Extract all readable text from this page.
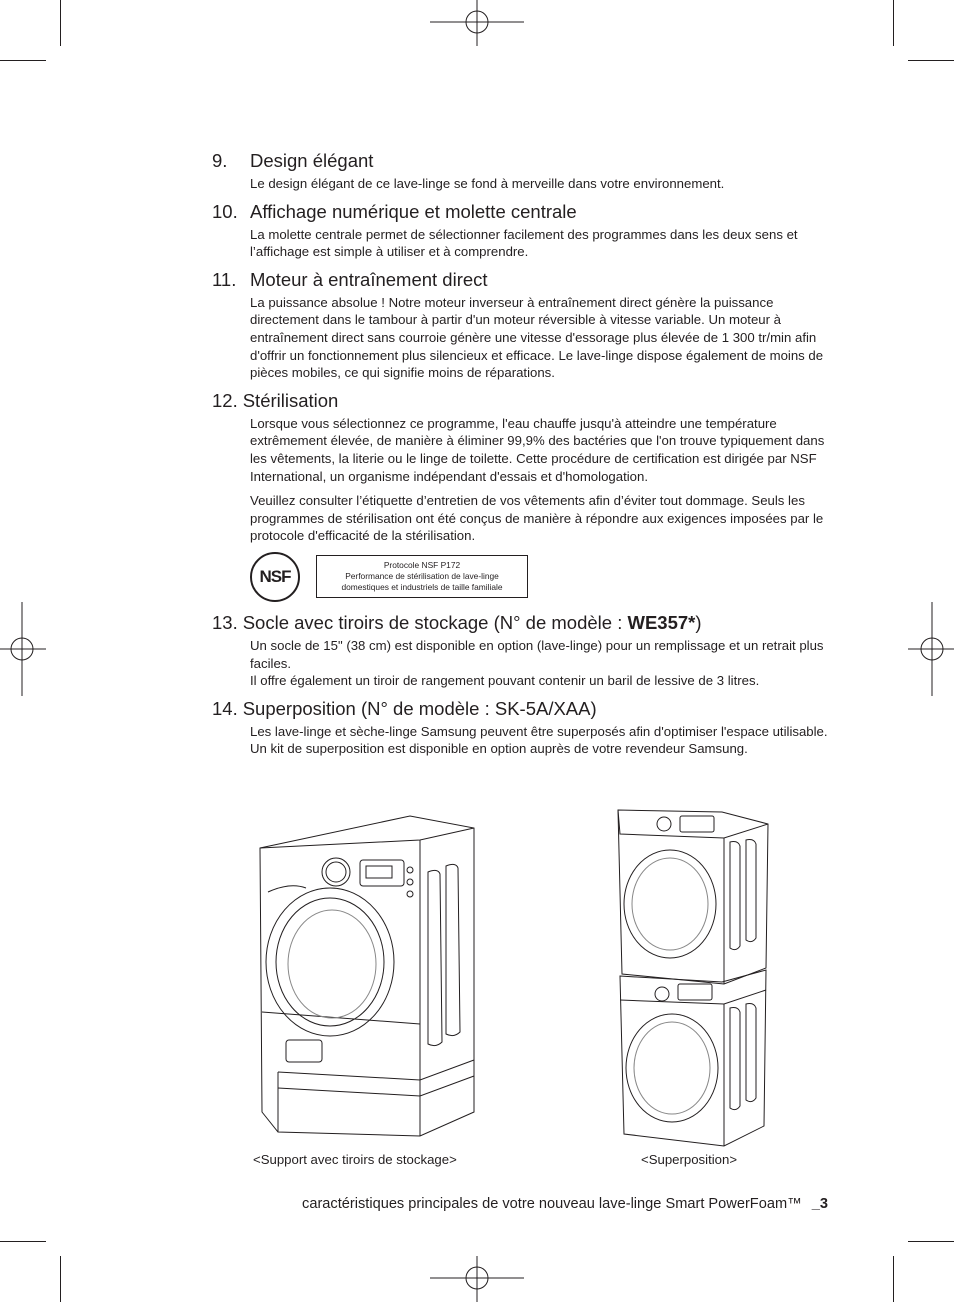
9.	Design élégant

Le design élégant de ce lave-linge se fond à merveille dans votre environnement.

10. Affichage numérique et molette centrale

La molette centrale permet de sélectionner facilement des programmes dans les deux sens et l’affichage est simple à utiliser et à comprendre.

11. Moteur à entraînement direct

La puissance absolue ! Notre moteur inverseur à entraînement direct génère la puissance directement dans le tambour à partir d'un moteur réversible à vitesse variable. Un moteur à entraînement direct sans courroie génère une vitesse d'essorage plus élevée de 1 300 tr/min afin d'offrir un fonctionnement plus silencieux et efficace. Le lave-linge dispose également de moins de pièces mobiles, ce qui signifie moins de réparations.

12. Stérilisation

Lorsque vous sélectionnez ce programme, l'eau chauffe jusqu'à atteindre une température extrêmement élevée, de manière à éliminer 99,9% des bactéries que l'on trouve typiquement dans les vêtements, la literie ou le linge de toilette. Cette procédure de certification est dirigée par NSF International, un organisme indépendant d'essais et d'homologation.

Veuillez consulter l’étiquette d’entretien de vos vêtements afin d’éviter tout dommage. Seuls les programmes de stérilisation ont été conçus de manière à répondre aux exigences imposées par le protocole d'efficacité de la stérilisation.

NSF
Protocole NSF P172
Performance de stérilisation de lave-linge
domestiques et industriels de taille familiale
13. Socle avec tiroirs de stockage (N° de modèle : WE357*)

Un socle de 15" (38 cm) est disponible en option (lave-linge) pour un remplissage et un retrait plus faciles.

Il offre également un tiroir de rangement pouvant contenir un baril de lessive de 3 litres.

14. Superposition (N° de modèle : SK-5A/XAA)

Les lave-linge et sèche-linge Samsung peuvent être superposés afin d'optimiser l'espace utilisable. Un kit de superposition est disponible en option auprès de votre revendeur Samsung.

<Support avec tiroirs de stockage>	<Superposition>
caractéristiques principales de votre nouveau lave-linge Smart PowerFoam™ _3
